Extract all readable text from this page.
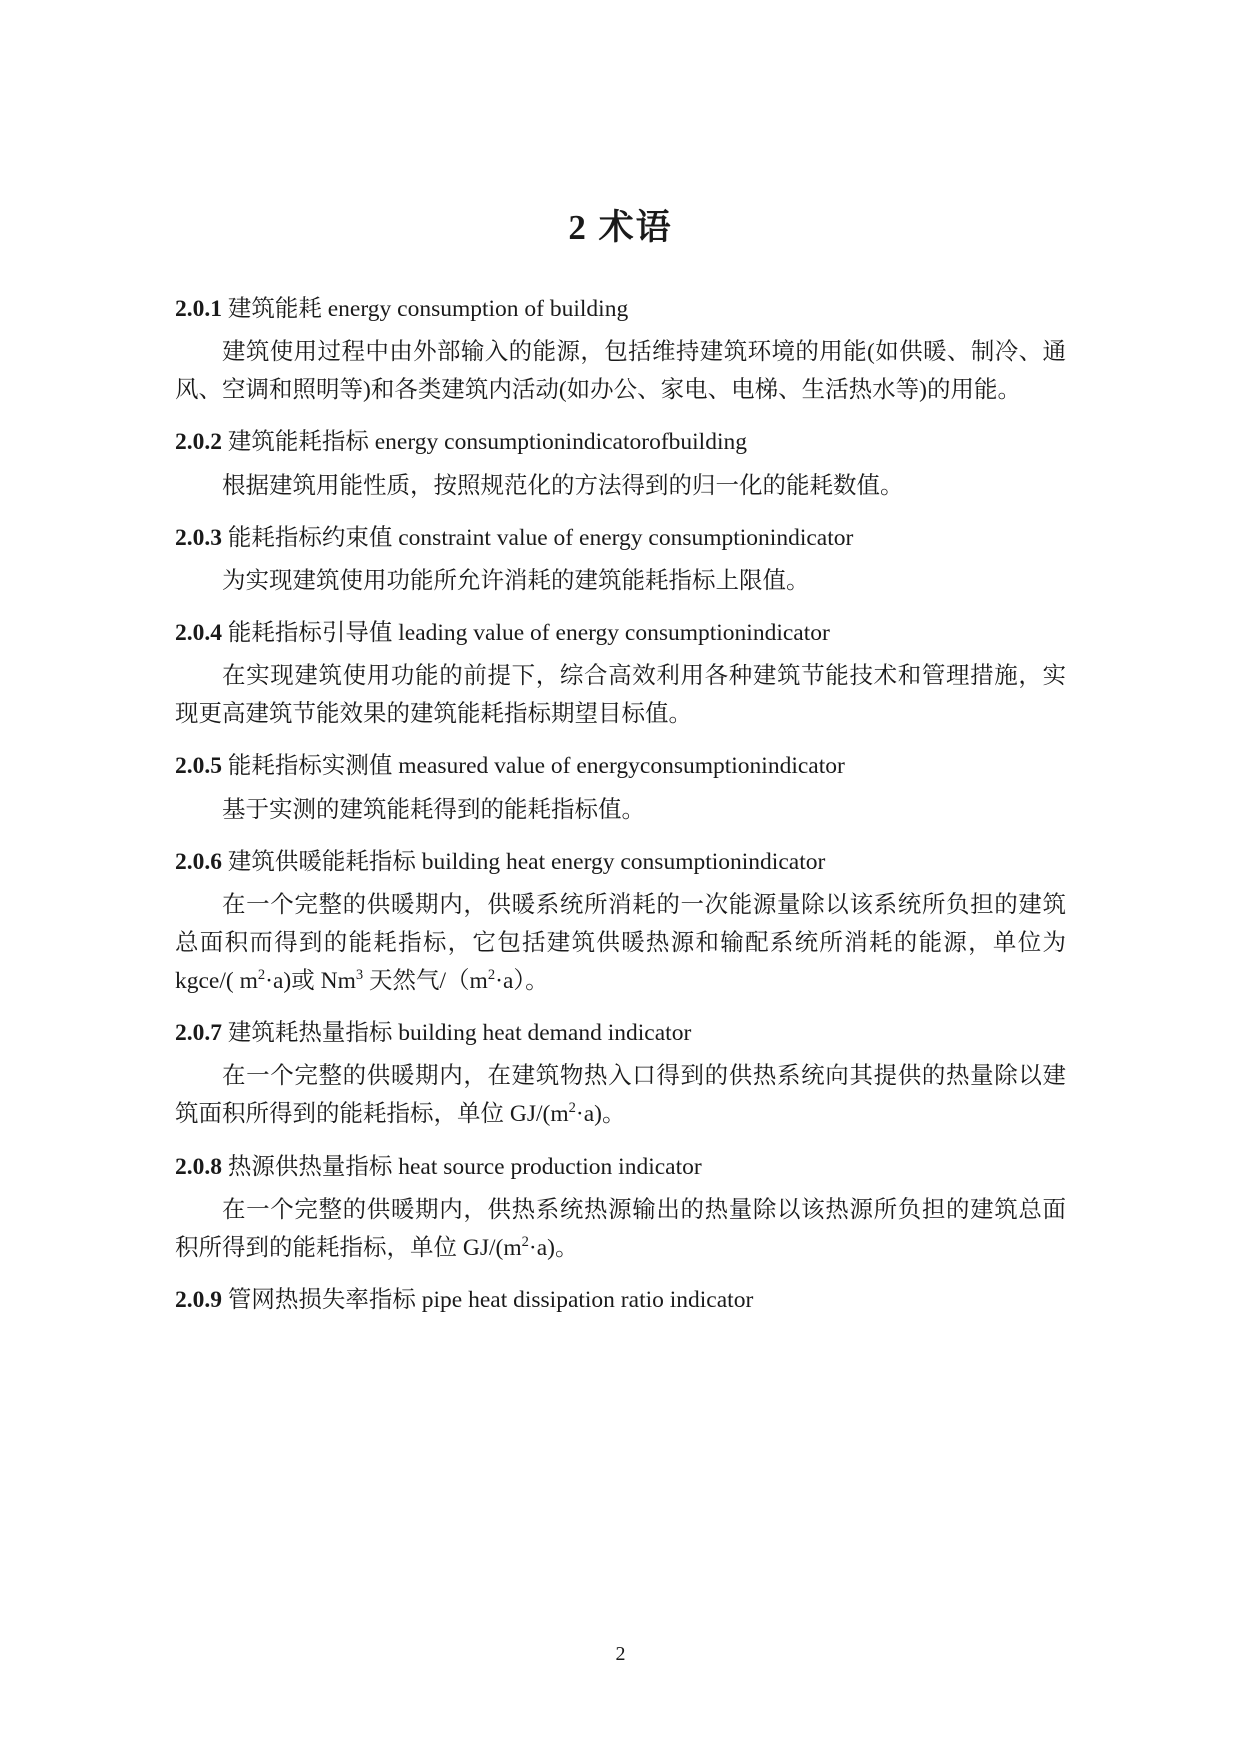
2 术语

2.0.1 建筑能耗 energy consumption of building

建筑使用过程中由外部输入的能源，包括维持建筑环境的用能(如供暖、制冷、通风、空调和照明等)和各类建筑内活动(如办公、家电、电梯、生活热水等)的用能。

2.0.2 建筑能耗指标 energy consumptionindicatorofbuilding

根据建筑用能性质，按照规范化的方法得到的归一化的能耗数值。

2.0.3 能耗指标约束值 constraint value of energy consumptionindicator

为实现建筑使用功能所允许消耗的建筑能耗指标上限值。

2.0.4 能耗指标引导值 leading value of energy consumptionindicator

在实现建筑使用功能的前提下，综合高效利用各种建筑节能技术和管理措施，实现更高建筑节能效果的建筑能耗指标期望目标值。

2.0.5 能耗指标实测值 measured value of energyconsumptionindicator

基于实测的建筑能耗得到的能耗指标值。

2.0.6 建筑供暖能耗指标 building heat energy consumptionindicator

在一个完整的供暖期内，供暖系统所消耗的一次能源量除以该系统所负担的建筑总面积而得到的能耗指标，它包括建筑供暖热源和输配系统所消耗的能源，单位为 kgce/( $m^2\cdot a$)或 Nm$^3$ 天然气$/(m^2\cdot a)$。

2.0.7 建筑耗热量指标 building heat demand indicator

在一个完整的供暖期内，在建筑物热入口得到的供热系统向其提供的热量除以建筑面积所得到的能耗指标，单位 $GJ/(m^2\cdot a)$。

2.0.8 热源供热量指标 heat source production indicator

在一个完整的供暖期内，供热系统热源输出的热量除以该热源所负担的建筑总面积所得到的能耗指标，单位 $GJ/(m^2\cdot a)$。

2.0.9 管网热损失率指标 pipe heat dissipation ratio indicator

2
